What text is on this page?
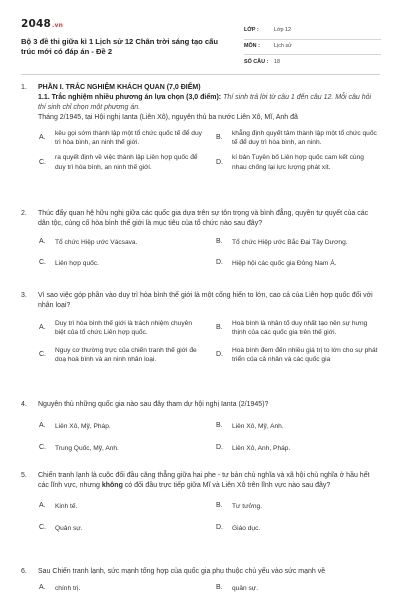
2048.vn
Bộ 3 đề thi giữa kì 1 Lịch sử 12 Chân trời sáng tạo cấu trúc mới có đáp án - Đề 2
LỚP :	Lớp 12
MÔN :	Lịch sử
SỐ CÂU :	18
1.	PHẦN I. TRẮC NGHIỆM KHÁCH QUAN (7,0 ĐIỂM)
1.1. Trắc nghiệm nhiều phương án lựa chọn (3,0 điểm): Thí sinh trả lời từ câu 1 đến câu 12. Mỗi câu hỏi thí sinh chỉ chọn một phương án.
Tháng 2/1945, tại Hội nghị Ianta (Liên Xô), nguyên thủ ba nước Liên Xô, Mĩ, Anh đã
A.
kêu gọi sớm thành lập một tổ chức quốc tế để duy trì hòa bình, an ninh thế giới.
B.
khẳng định quyết tâm thành lập một tổ chức quốc tế để duy trì hòa bình, an ninh.
C.
ra quyết định về việc thành lập Liên hợp quốc để duy trì hòa bình, an ninh thế giới.
D.
kí bản Tuyên bố Liên hợp quốc cam kết cùng nhau chống lại lực lượng phát xít.
2.	Thúc đẩy quan hệ hữu nghị giữa các quốc gia dựa trên sự tôn trọng và bình đẳng, quyền tự quyết của các dân tộc, củng cố hòa bình thế giới là mục tiêu của tổ chức nào sau đây?
A. Tổ chức Hiệp ước Vácsava.	B. Tổ chức Hiệp ước Bắc Đại Tây Dương.
C. Liên hợp quốc.	D. Hiệp hội các quốc gia Đông Nam Á.
3.	Vì sao việc góp phần vào duy trì hòa bình thế giới là một cống hiến to lớn, cao cả của Liên hợp quốc đối với nhân loại?
A.
Duy trì hòa bình thế giới là trách nhiệm chuyên biệt của tổ chức Liên hợp quốc.
B.
Hoà bình là nhân tố duy nhất tạo nên sự hưng thịnh của các quốc gia trên thế giới.
C.
Nguy cơ thường trực của chiến tranh thế giới đe doạ hoà bình và an ninh nhân loại.
D.
Hoà bình đem đến nhiều giá trị to lớn cho sự phát triển của cả nhân và các quốc gia
4.	Nguyên thủ những quốc gia nào sau đây tham dự hội nghị Ianta (2/1945)?
A. Liên Xô, Mỹ, Pháp.	B. Liên Xô, Mỹ, Anh.
C. Trung Quốc, Mỹ, Anh.	D. Liên Xô, Anh, Pháp.
5.	Chiến tranh lạnh là cuộc đối đầu căng thẳng giữa hai phe - tư bản chủ nghĩa và xã hội chủ nghĩa ở hầu hết các lĩnh vực, nhưng không có đối đầu trực tiếp giữa Mĩ và Liên Xô trên lĩnh vực nào sau đây?
A. Kinh tế.	B. Tư tưởng.
C. Quân sự.	D. Giáo dục.
6.	Sau Chiến tranh lạnh, sức mạnh tổng hợp của quốc gia phụ thuộc chủ yếu vào sức mạnh về
A. chính trị.	B. quân sự.
